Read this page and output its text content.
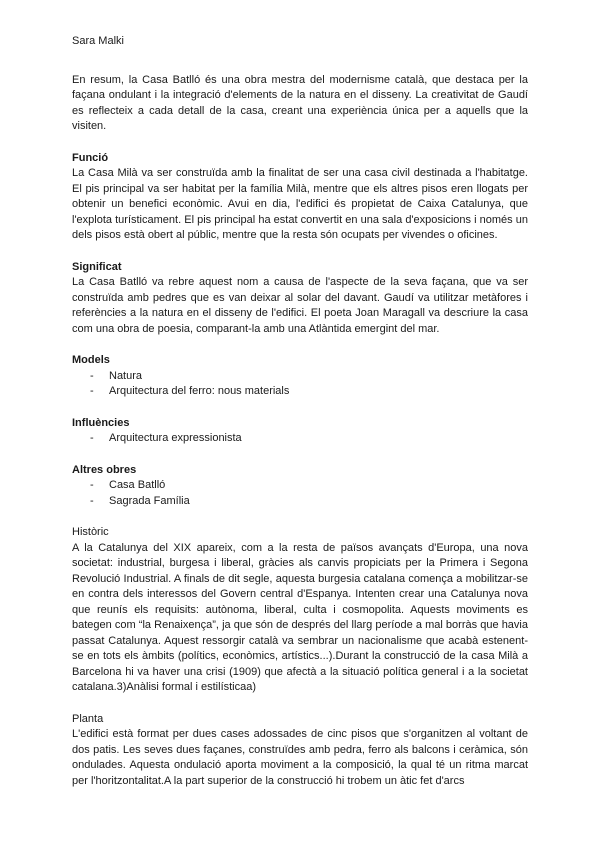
Sara Malki

En resum, la Casa Batlló és una obra mestra del modernisme català, que destaca per la façana ondulant i la integració d'elements de la natura en el disseny. La creativitat de Gaudí es reflecteix a cada detall de la casa, creant una experiència única per a aquells que la visiten.

Funció

La Casa Milà va ser construïda amb la finalitat de ser una casa civil destinada a l'habitatge. El pis principal va ser habitat per la família Milà, mentre que els altres pisos eren llogats per obtenir un benefici econòmic. Avui en dia, l'edifici és propietat de Caixa Catalunya, que l'explota turísticament. El pis principal ha estat convertit en una sala d'exposicions i només un dels pisos està obert al públic, mentre que la resta són ocupats per vivendes o oficines.

Significat

La Casa Batlló va rebre aquest nom a causa de l'aspecte de la seva façana, que va ser construïda amb pedres que es van deixar al solar del davant. Gaudí va utilitzar metàfores i referències a la natura en el disseny de l'edifici. El poeta Joan Maragall va descriure la casa com una obra de poesia, comparant-la amb una Atlàntida emergint del mar.

Models
- Natura
- Arquitectura del ferro: nous materials
Influències
- Arquitectura expressionista
Altres obres
- Casa Batlló
- Sagrada Família
Històric

A la Catalunya del XIX apareix, com a la resta de països avançats d'Europa, una nova societat: industrial, burgesa i liberal, gràcies als canvis propiciats per la Primera i Segona Revolució Industrial. A finals de dit segle, aquesta burgesia catalana comença a mobilitzar-se en contra dels interessos del Govern central d'Espanya. Intenten crear una Catalunya nova que reunís els requisits: autònoma, liberal, culta i cosmopolita. Aquests moviments es bategen com “la Renaixença”, ja que són de després del llarg període a mal borràs que havia passat Catalunya. Aquest ressorgir català va sembrar un nacionalisme que acabà estenent-se en tots els àmbits (polítics, econòmics, artístics...).Durant la construcció de la casa Milà a Barcelona hi va haver una crisi (1909) que afectà a la situació política general i a la societat catalana.3)Anàlisi formal i estilísticaa)

Planta

L'edifici està format per dues cases adossades de cinc pisos que s'organitzen al voltant de dos patis. Les seves dues façanes, construïdes amb pedra, ferro als balcons i ceràmica, són ondulades. Aquesta ondulació aporta moviment a la composició, la qual té un ritma marcat per l'horitzontalitat.A la part superior de la construcció hi trobem un àtic fet d'arcs
